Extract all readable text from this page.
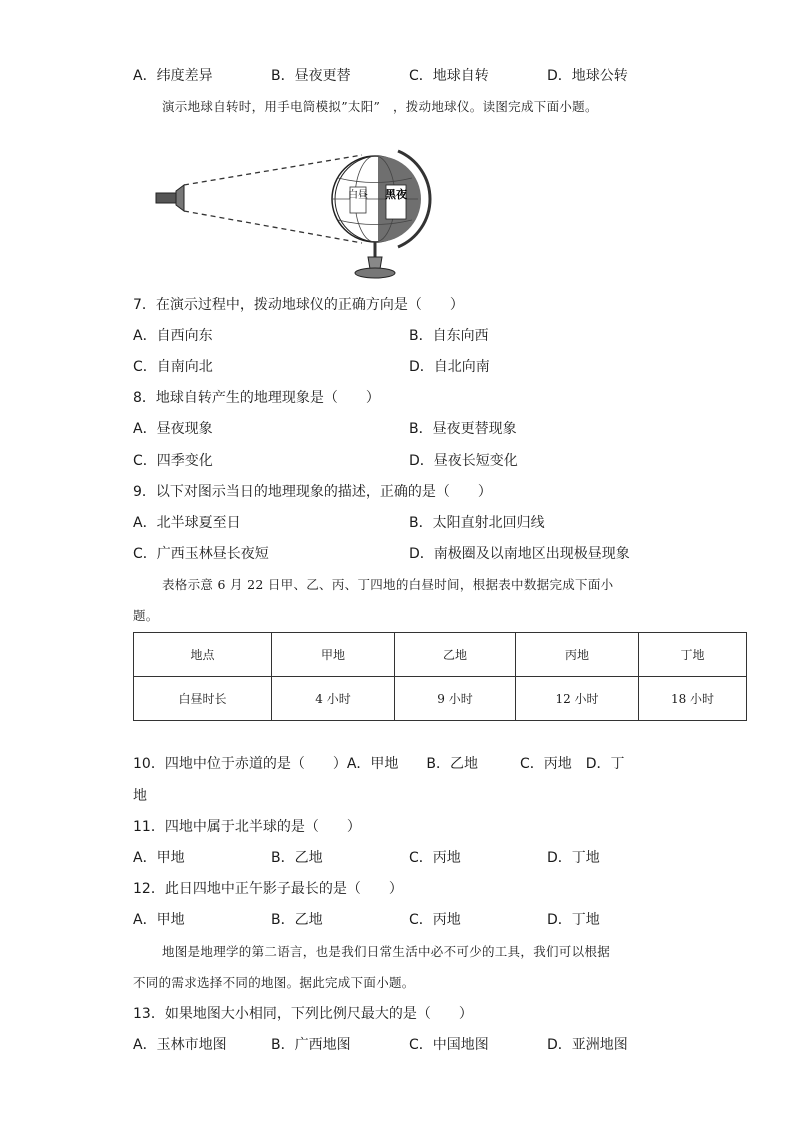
A．纬度差异	B．昼夜更替	C．地球自转	D．地球公转
演示地球自转时，用手电筒模拟”太阳”　，拨动地球仪。读图完成下面小题。
白昼 黑夜
7．在演示过程中，拨动地球仪的正确方向是（　　）
A．自西向东	B．自东向西
C．自南向北	D．自北向南
8．地球自转产生的地理现象是（　　）
A．昼夜现象	B．昼夜更替现象
C．四季变化	D．昼夜长短变化
9．以下对图示当日的地理现象的描述，正确的是（　　）
A．北半球夏至日	B．太阳直射北回归线
C．广西玉林昼长夜短	D．南极圈及以南地区出现极昼现象
表格示意 6 月 22 日甲、乙、丙、丁四地的白昼时间，根据表中数据完成下面小
题。
地点	甲地	乙地	丙地	丁地
白昼时长	4 小时	9 小时	12 小时	18 小时
10．四地中位于赤道的是（　　）A．甲地　　B．乙地　　　C．丙地　D．丁
地
11．四地中属于北半球的是（　　）
A．甲地	B．乙地	C．丙地	D．丁地
12．此日四地中正午影子最长的是（　　）
A．甲地	B．乙地	C．丙地	D．丁地
地图是地理学的第二语言，也是我们日常生活中必不可少的工具，我们可以根据
不同的需求选择不同的地图。据此完成下面小题。
13．如果地图大小相同，下列比例尺最大的是（　　）
A．玉林市地图	B．广西地图	C．中国地图	D．亚洲地图
